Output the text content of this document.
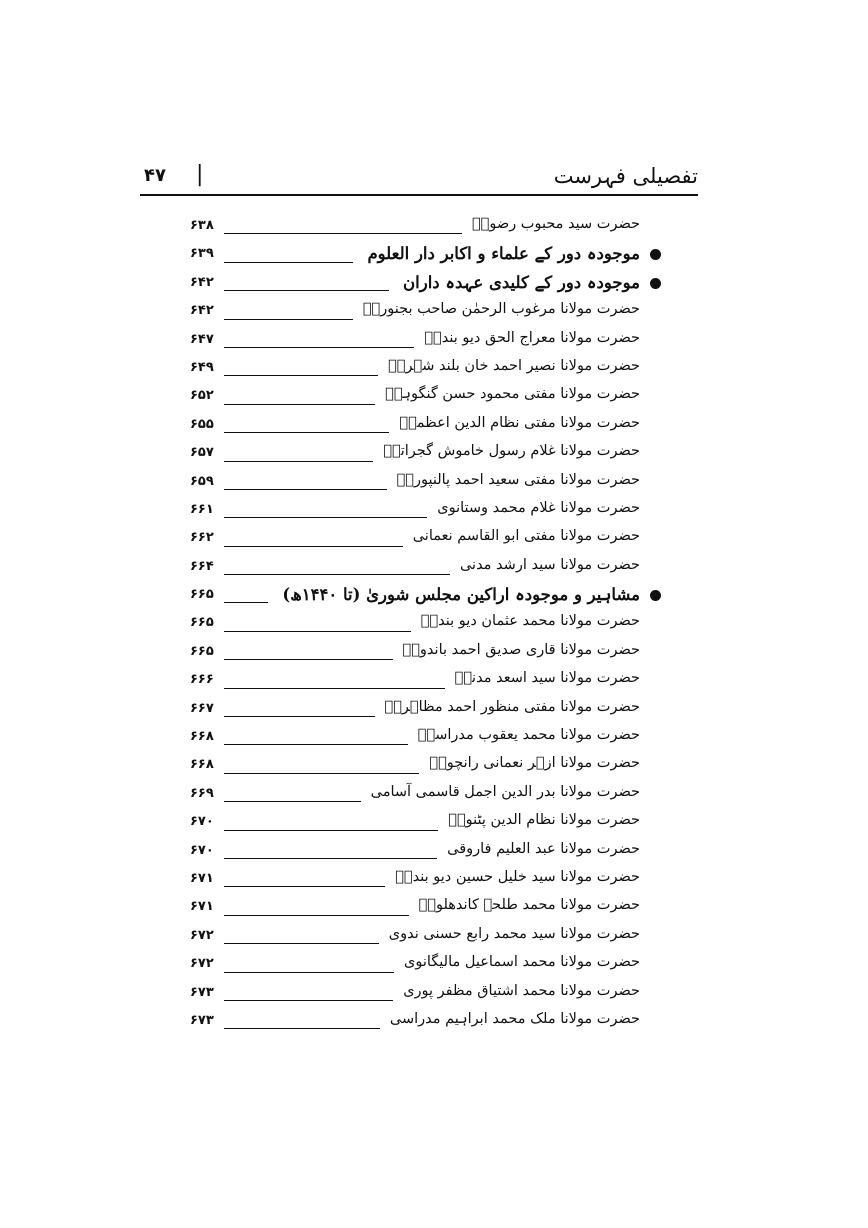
۴۷ |	تفصیلی فہرست
حضرت سید محبوب رضویؒ
۶۳۸
موجودہ دور کے علماء و اکابر دار العلوم
۶۳۹
موجودہ دور کے کلیدی عہدہ داران
۶۴۲
حضرت مولانا مرغوب الرحمٰن صاحب بجنوریؒ
۶۴۲
حضرت مولانا معراج الحق دیو بندیؒ
۶۴۷
حضرت مولانا نصیر احمد خان بلند شہریؒ
۶۴۹
حضرت مولانا مفتی محمود حسن گنگوہیؒ
۶۵۲
حضرت مولانا مفتی نظام الدین اعظمیؒ
۶۵۵
حضرت مولانا غلام رسول خاموش گجراتیؒ
۶۵۷
حضرت مولانا مفتی سعید احمد پالنپوریؒ
۶۵۹
حضرت مولانا غلام محمد وستانوی
۶۶۱
حضرت مولانا مفتی ابو القاسم نعمانی
۶۶۲
حضرت مولانا سید ارشد مدنی
۶۶۴
مشاہیر و موجودہ اراکین مجلس شوریٰ (تا ۱۴۴۰ھ)
۶۶۵
حضرت مولانا محمد عثمان دیو بندیؒ
۶۶۵
حضرت مولانا قاری صدیق احمد باندویؒ
۶۶۵
حضرت مولانا سید اسعد مدنیؒ
۶۶۶
حضرت مولانا مفتی منظور احمد مظاہریؒ
۶۶۷
حضرت مولانا محمد یعقوب مدراسیؒ
۶۶۸
حضرت مولانا ازہر نعمانی رانچویؒ
۶۶۸
حضرت مولانا بدر الدین اجمل قاسمی آسامی
۶۶۹
حضرت مولانا نظام الدین پٹنویؒ
۶۷۰
حضرت مولانا عبد العلیم فاروقی
۶۷۰
حضرت مولانا سید خلیل حسین دیو بندیؒ
۶۷۱
حضرت مولانا محمد طلحہ کاندھلویؒ
۶۷۱
حضرت مولانا سید محمد رابع حسنی ندوی
۶۷۲
حضرت مولانا محمد اسماعیل مالیگانوی
۶۷۲
حضرت مولانا محمد اشتیاق مظفر پوری
۶۷۳
حضرت مولانا ملک محمد ابراہیم مدراسی
۶۷۳
